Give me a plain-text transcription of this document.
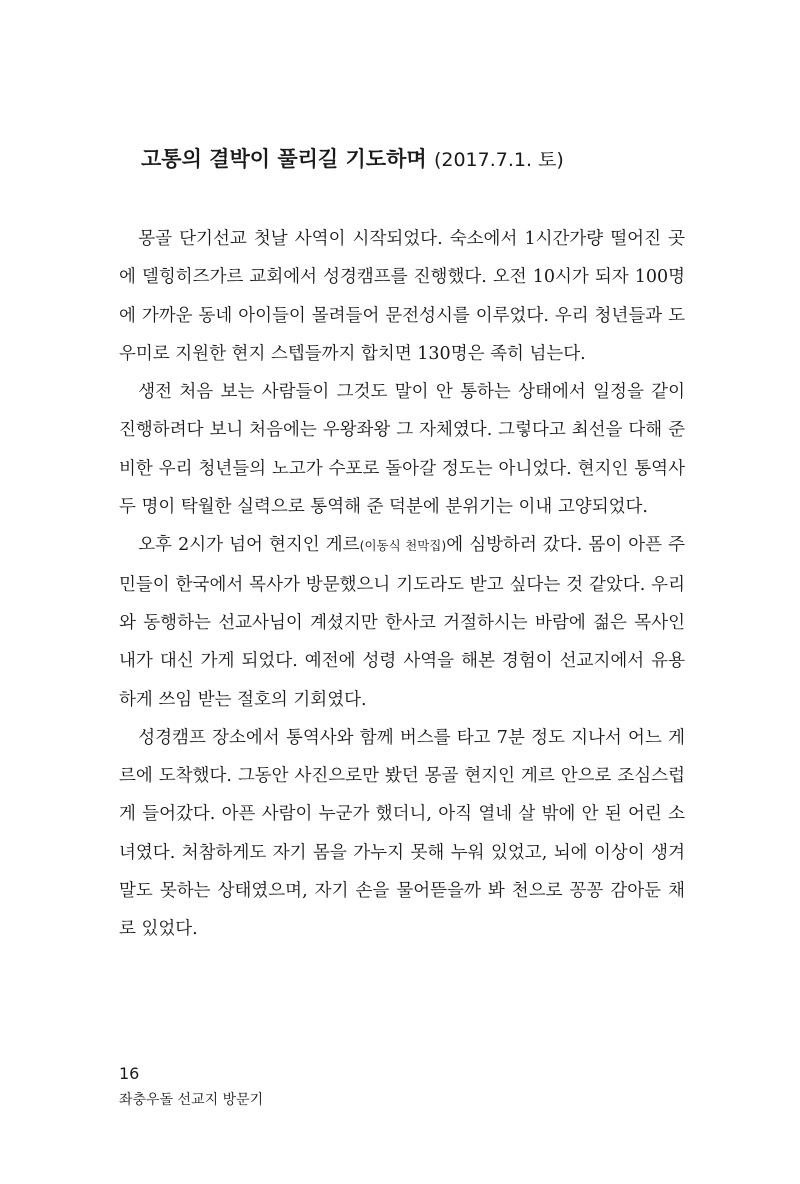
고통의 결박이 풀리길 기도하며 (2017.7.1. 토)

몽골 단기선교 첫날 사역이 시작되었다. 숙소에서 1시간가량 떨어진 곳에 델힝히즈가르 교회에서 성경캠프를 진행했다. 오전 10시가 되자 100명에 가까운 동네 아이들이 몰려들어 문전성시를 이루었다. 우리 청년들과 도우미로 지원한 현지 스텝들까지 합치면 130명은 족히 넘는다.

생전 처음 보는 사람들이 그것도 말이 안 통하는 상태에서 일정을 같이 진행하려다 보니 처음에는 우왕좌왕 그 자체였다. 그렇다고 최선을 다해 준비한 우리 청년들의 노고가 수포로 돌아갈 정도는 아니었다. 현지인 통역사 두 명이 탁월한 실력으로 통역해 준 덕분에 분위기는 이내 고양되었다.

오후 2시가 넘어 현지인 게르(이동식 천막집)에 심방하러 갔다. 몸이 아픈 주민들이 한국에서 목사가 방문했으니 기도라도 받고 싶다는 것 같았다. 우리와 동행하는 선교사님이 계셨지만 한사코 거절하시는 바람에 젊은 목사인 내가 대신 가게 되었다. 예전에 성령 사역을 해본 경험이 선교지에서 유용하게 쓰임 받는 절호의 기회였다.

성경캠프 장소에서 통역사와 함께 버스를 타고 7분 정도 지나서 어느 게르에 도착했다. 그동안 사진으로만 봤던 몽골 현지인 게르 안으로 조심스럽게 들어갔다. 아픈 사람이 누군가 했더니, 아직 열네 살 밖에 안 된 어린 소녀였다. 처참하게도 자기 몸을 가누지 못해 누워 있었고, 뇌에 이상이 생겨 말도 못하는 상태였으며, 자기 손을 물어뜯을까 봐 천으로 꽁꽁 감아둔 채로 있었다.

16
좌충우돌 선교지 방문기
